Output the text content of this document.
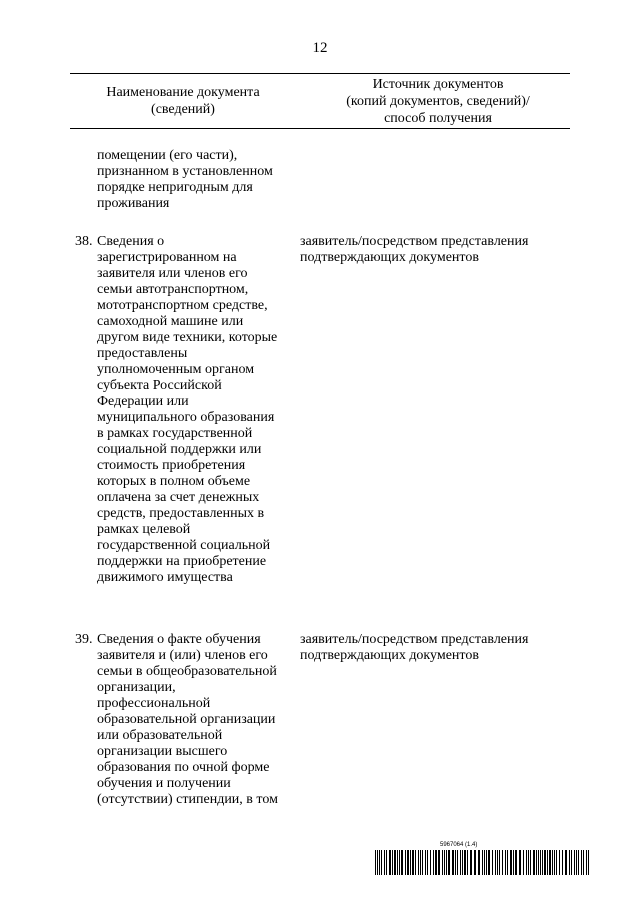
12
Наименование документа
(сведений)
Источник документов
(копий документов, сведений)/
способ получения
помещении (его части),
признанном в установленном
порядке непригодным для
проживания
38. Сведения о
зарегистрированном на
заявителя или членов его
семьи автотранспортном,
мототранспортном средстве,
самоходной машине или
другом виде техники, которые
предоставлены
уполномоченным органом
субъекта Российской
Федерации или
муниципального образования
в рамках государственной
социальной поддержки или
стоимость приобретения
которых в полном объеме
оплачена за счет денежных
средств, предоставленных в
рамках целевой
государственной социальной
поддержки на приобретение
движимого имущества
заявитель/посредством представления
подтверждающих документов
39. Сведения о факте обучения
заявителя и (или) членов его
семьи в общеобразовательной
организации,
профессиональной
образовательной организации
или образовательной
организации высшего
образования по очной форме
обучения и получении
(отсутствии) стипендии, в том
заявитель/посредством представления
подтверждающих документов
5967064 (1.4)
